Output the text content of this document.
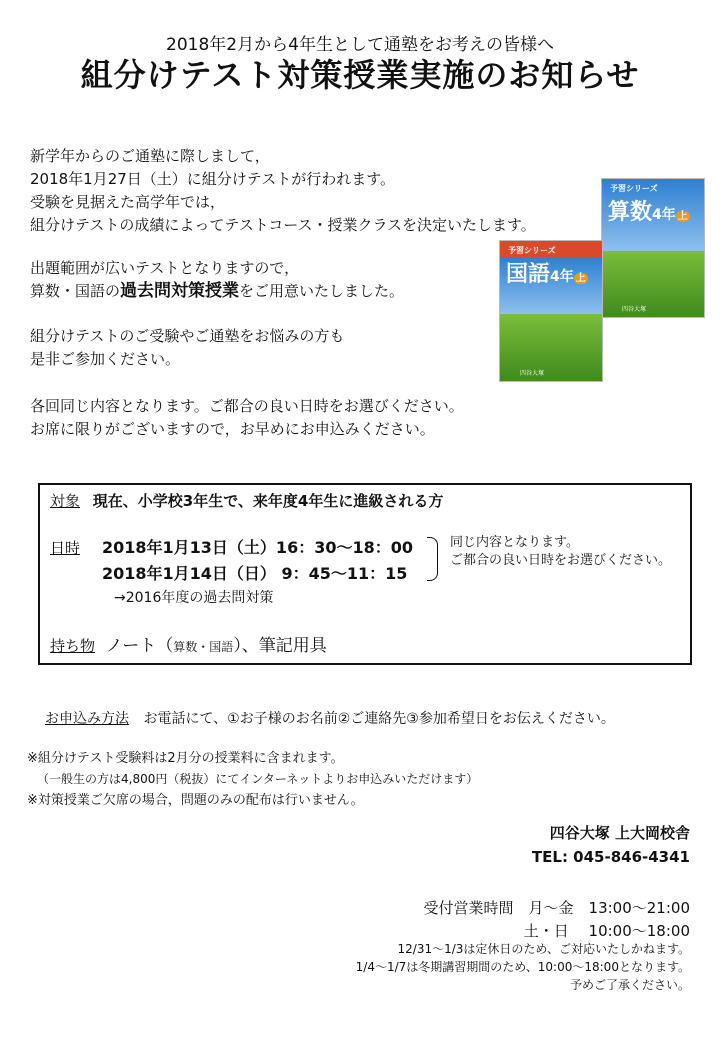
2018年2月から4年生として通塾をお考えの皆様へ
組分けテスト対策授業実施のお知らせ
新学年からのご通塾に際しまして，
2018年1月27日（土）に組分けテストが行われます。
受験を見据えた高学年では，
組分けテストの成績によってテストコース・授業クラスを決定いたします。
出題範囲が広いテストとなりますので，
算数・国語の過去問対策授業をご用意いたしました。
組分けテストのご受験やご通塾をお悩みの方も
是非ご参加ください。
各回同じ内容となります。ご都合の良い日時をお選びください。
お席に限りがございますので，お早めにお申込みください。
予習シリーズ
算数4年 上
四谷大塚
予習シリーズ
国語4年 上
四谷大塚
対象 現在、小学校3年生で、来年度4年生に進級される方
日時 2018年1月13日（土）16：30〜18：00
2018年1月14日（日） 9：45〜11：15
同じ内容となります。
ご都合の良い日時をお選びください。
→2016年度の過去問対策
持ち物 ノート（算数・国語）、筆記用具
お申込み方法 お電話にて、①お子様のお名前②ご連絡先③参加希望日をお伝えください。
※組分けテスト受験料は2月分の授業料に含まれます。
（一般生の方は4,800円（税抜）にてインターネットよりお申込みいただけます）
※対策授業ご欠席の場合，問題のみの配布は行いません。
四谷大塚 上大岡校舎
TEL: 045-846-4341
受付営業時間　月〜金　13:00〜21:00
土・日　 10:00〜18:00
12/31〜1/3は定休日のため、ご対応いたしかねます。
1/4〜1/7は冬期講習期間のため、10:00〜18:00となります。
予めご了承ください。
